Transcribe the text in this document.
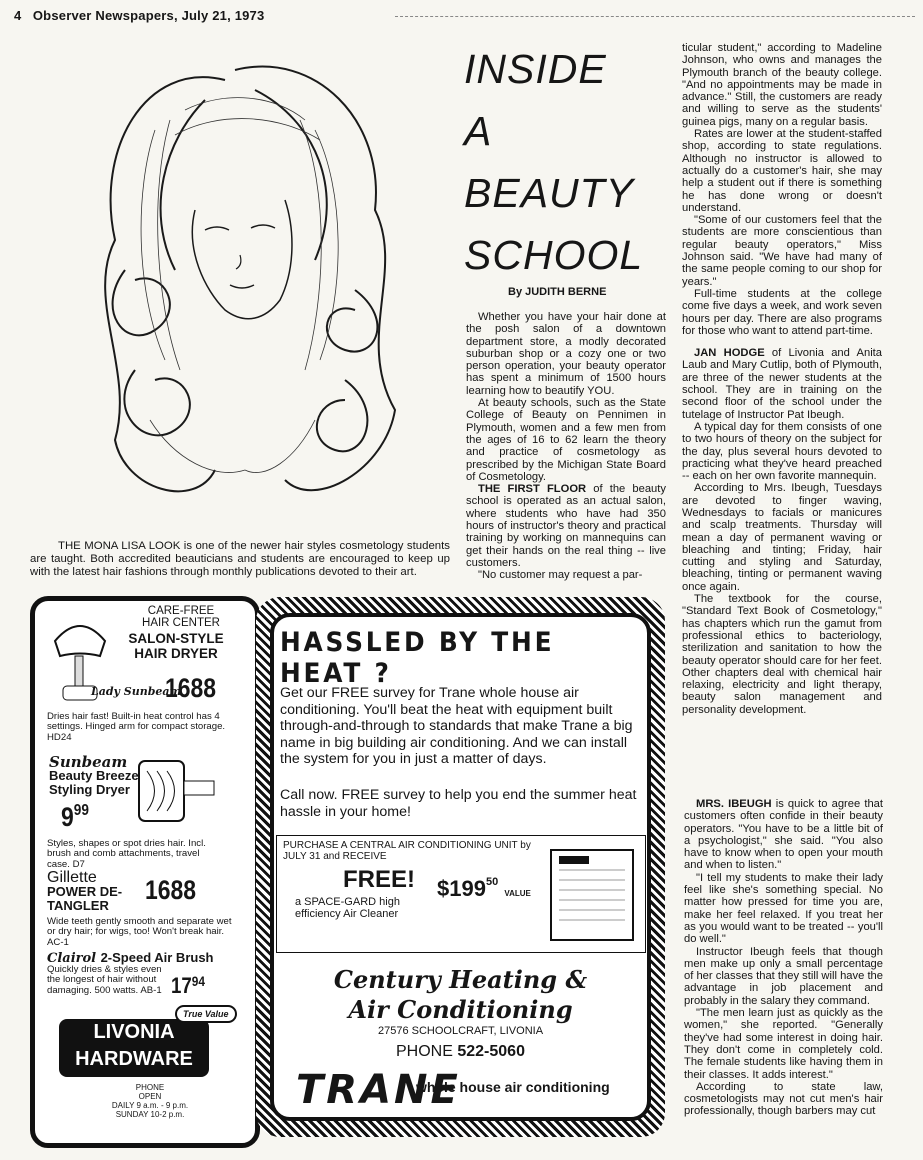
4 Observer Newspapers, July 21, 1973
THE MONA LISA LOOK is one of the newer hair styles cosmetology students are taught. Both accredited beauticians and students are encouraged to keep up with the latest hair fashions through monthly publications devoted to their art.
INSIDE
A
BEAUTY
SCHOOL
By JUDITH BERNE

Whether you have your hair done at the posh salon of a downtown department store, a modly decorated suburban shop or a cozy one or two person operation, your beauty operator has spent a minimum of 1500 hours learning how to beautify YOU.

At beauty schools, such as the State College of Beauty on Pennimen in Plymouth, women and a few men from the ages of 16 to 62 learn the theory and practice of cosmetology as prescribed by the Michigan State Board of Cosmetology.

THE FIRST FLOOR of the beauty school is operated as an actual salon, where students who have had 350 hours of instructor's theory and practical training by working on mannequins can get their hands on the real thing -- live customers.

"No customer may request a par-

ticular student," according to Madeline Johnson, who owns and manages the Plymouth branch of the beauty college. "And no appointments may be made in advance." Still, the customers are ready and willing to serve as the students' guinea pigs, many on a regular basis.

Rates are lower at the student-staffed shop, according to state regulations. Although no instructor is allowed to actually do a customer's hair, she may help a student out if there is something he has done wrong or doesn't understand.

"Some of our customers feel that the students are more conscientious than regular beauty operators," Miss Johnson said. "We have had many of the same people coming to our shop for years."

Full-time students at the college come five days a week, and work seven hours per day. There are also programs for those who want to attend part-time.

JAN HODGE of Livonia and Anita Laub and Mary Cutlip, both of Plymouth, are three of the newer students at the school. They are in training on the second floor of the school under the tutelage of Instructor Pat Ibeugh.

A typical day for them consists of one to two hours of theory on the subject for the day, plus several hours devoted to practicing what they've heard preached -- each on her own favorite mannequin.

According to Mrs. Ibeugh, Tuesdays are devoted to finger waving, Wednesdays to facials or manicures and scalp treatments. Thursday will mean a day of permanent waving or bleaching and tinting; Friday, hair cutting and styling and Saturday, bleaching, tinting or permanent waving once again.

The textbook for the course, "Standard Text Book of Cosmetology," has chapters which run the gamut from professional ethics to bacteriology, sterilization and sanitation to how the beauty operator should care for her feet. Other chapters deal with chemical hair relaxing, electricity and light therapy, beauty salon management and personality development.

MRS. IBEUGH is quick to agree that customers often confide in their beauty operators. "You have to be a little bit of a psychologist," she said. "You also have to know when to open your mouth and when to listen."

"I tell my students to make their lady feel like she's something special. No matter how pressed for time you are, make her feel relaxed. If you treat her as you would want to be treated -- you'll do well."

Instructor Ibeugh feels that though men make up only a small percentage of her classes that they still will have the advantage in job placement and probably in the salary they command.

"The men learn just as quickly as the women," she reported. "Generally they've had some interest in doing hair. They don't come in completely cold. The female students like having them in their classes. It adds interest."

According to state law, cosmetologists may not cut men's hair professionally, though barbers may cut

CARE-FREE
HAIR CENTER
SALON-STYLE HAIR DRYER
Lady Sunbeam
1688
Dries hair fast! Built-in heat control has 4 settings. Hinged arm for compact storage. HD24
Sunbeam
Beauty Breeze Styling Dryer
$9^{99}$
Styles, shapes or spot dries hair. Incl. brush and comb attachments, travel case. D7
Gillette
POWER DE-TANGLER
1688
Wide teeth gently smooth and separate wet or dry hair; for wigs, too! Won't break hair. AC-1
Clairol 2-Speed Air Brush
Quickly dries & styles even the longest of hair without damaging. 500 watts. AB-1 $17^{94}$
LIVONIA
HARDWARE
True Value
PHONE
OPEN
DAILY 9 a.m. - 9 p.m.
SUNDAY 10-2 p.m.
HASSLED BY THE HEAT ?
Get our FREE survey for Trane whole house air conditioning. You'll beat the heat with equipment built through-and-through to standards that make Trane a big name in big building air conditioning. And we can install the system for you in just a matter of days.
Call now. FREE survey to help you end the summer heat hassle in your home!
PURCHASE A CENTRAL AIR CONDITIONING UNIT by JULY 31 and RECEIVE
FREE!
a SPACE-GARD high efficiency Air Cleaner
$\$199^{50}$ VALUE
Century Heating &
Air Conditioning
27576 SCHOOLCRAFT, LIVONIA
PHONE 522-5060
TRANE
whole house air conditioning
